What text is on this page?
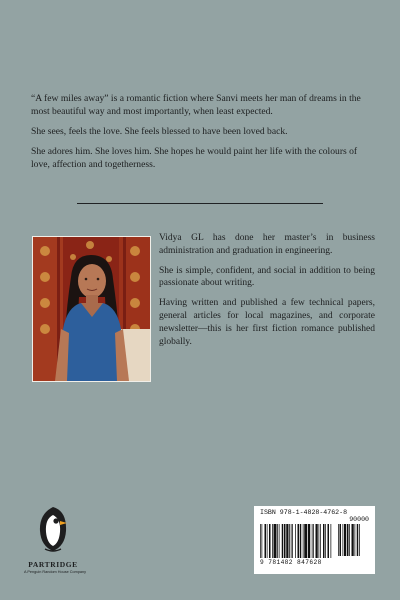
“A few miles away” is a romantic fiction where Sanvi meets her man of dreams in the most beautiful way and most importantly, when least expected.

She sees, feels the love. She feels blessed to have been loved back.

She adores him. She loves him. She hopes he would paint her life with the colours of love, affection and togetherness.

Vidya GL has done her master’s in business administration and graduation in engineering.

She is simple, confident, and social in addition to being passionate about writing.

Having written and published a few technical papers, general articles for local magazines, and corporate newsletter—this is her first fiction romance published globally.

PARTRIDGE
A Penguin Random House Company
ISBN 978-1-4828-4762-8
90000
9 781482 847628
